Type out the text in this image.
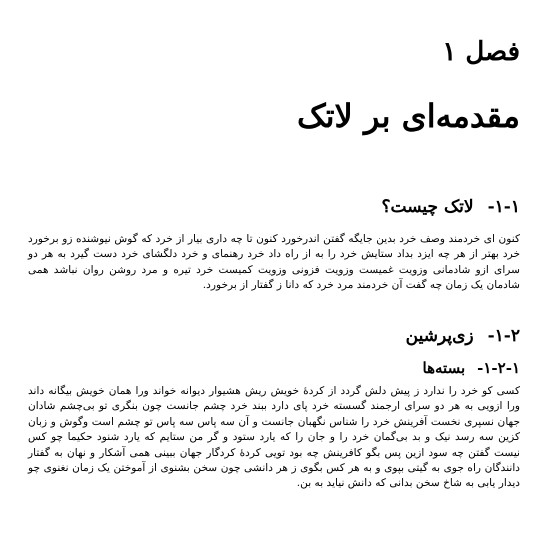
فصل ۱
مقدمه‌ای بر لاتک
۱-۱-لاتک چیست؟

کنون ای خردمند وصف خرد بدین جایگه گفتن اندرخورد کنون تا چه داری بیار از خرد که گوش نیوشنده زو برخورد خرد بهتر از هر چه ایزد بداد ستایش خرد را به از راه داد خرد رهنمای و خرد دلگشای خرد دست گیرد به هر دو سرای ازو شادمانی وزویت غمیست وزویت فزونی وزویت کمیست خرد تیره و مرد روشن روان نباشد همی شادمان یک زمان چه گفت آن خردمند مرد خرد که دانا ز گفتار از برخورد.

۱-۲-زی‌پرشین
۱-۲-۱-بسته‌ها

کسی کو خرد را ندارد ز پیش دلش گردد از کردهٔ خویش ریش هشیوار دیوانه خواند ورا همان خویش بیگانه داند ورا ازویی به هر دو سرای ارجمند گسسته خرد پای دارد ببند خرد چشم جانست چون بنگری تو بی‌چشم شادان جهان نسپری نخست آفرینش خرد را شناس نگهبان جانست و آن سه پاس سه پاس تو چشم است وگوش و زبان کزین سه رسد نیک و بد بی‌گمان خرد را و جان را که یارد ستود و گر من ستایم که یارد شنود حکیما چو کس نیست گفتن چه سود ازین پس بگو کافرینش چه بود تویی کردهٔ کردگار جهان ببینی همی آشکار و نهان به گفتار دانندگان راه جوی به گیتی بپوی و به هر کس بگوی ز هر دانشی چون سخن بشنوی از آموختن یک زمان نغنوی چو دیدار یابی به شاخ سخن بدانی که دانش نیاید به بن.
